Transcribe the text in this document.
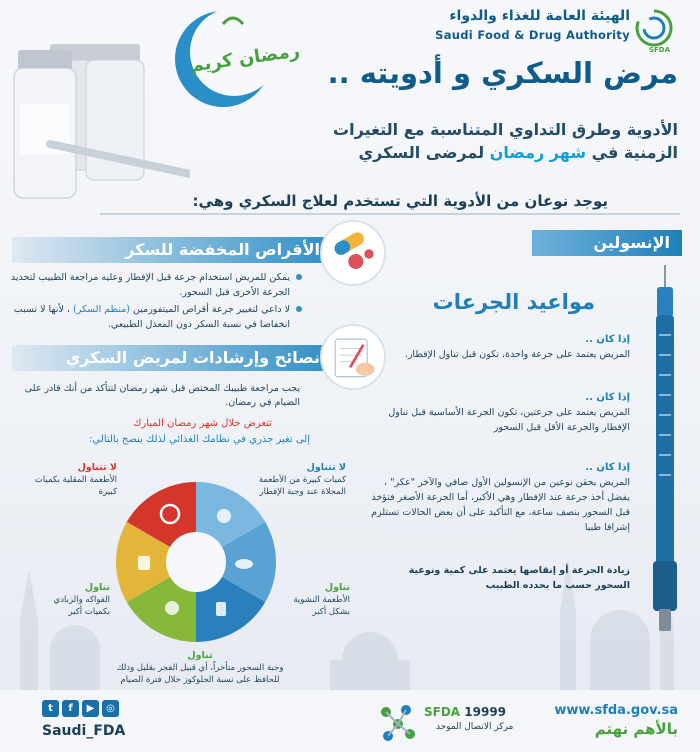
رمضان كريم
الهيئة العامة للغذاء والدواء
Saudi Food & Drug Authority
SFDA
مرض السكري و أدويته ..
الأدوية وطرق التداوي المتناسبة مع التغيرات
الزمنية في شهر رمضان لمرضى السكري
يوجد نوعان من الأدوية التي تستخدم لعلاج السكري وهي:
الأقراص المخفضة للسكر
يمكن للمريض استخدام جرعة قبل الإفطار وعليه مراجعة الطبيب لتحديد الجرعة الأخرى قبل السحور.
لا داعي لتغيير جرعة أقراص الميتفورمين (منظم السكر) ، لأنها لا تسبب انخفاضا في نسبة السكر دون المعدل الطبيعي.
نصائح وإرشادات لمريض السكري
يجب مراجعة طبيبك المختص قبل شهر رمضان لتتأكد من أنك قادر على الصيام في رمضان.
تتعرض خلال شهر رمضان المبارك
إلى تغير جذري في نظامك الغذائي لذلك ينصح بالتالي:
لا تتناول
الأطعمة المقلية بكميات كبيرة
لا تتناول
كميات كبيرة من الأطعمة المحلاة عند وجبة الإفطار
تناول
الفواكه والزبادي بكميات أكبر
تناول
الأطعمة النشوية بشكل أكبر
تناول
وجبة السحور متأخراً، أي قبيل الفجر بقليل وذلك للحافظ على نسبة الجلوكوز خلال فترة الصيام
الإنسولين
مواعيد الجرعات
إذا كان ..
المريض يعتمد على جرعة واحدة، تكون قبل تناول الإفطار.
إذا كان ..
المريض يعتمد على جرعتين، تكون الجرعة الأساسية قبل تناول الإفطار والجرعة الأقل قبل السحور
إذا كان ..
المريض يحقن نوعين من الإنسولين الأول صافي والآخر "عكر" ، يفضل أخذ جرعة عند الإفطار وهي الأكبر، أما الجرعة الأصغر فتؤخذ قبل السحور بنصف ساعة، مع التأكيد على أن بعض الحالات تستلزم إشرافا طبيا
زيادة الجرعة أو إنقاصها يعتمد على كمية ونوعية السحور حسب ما يحدده الطبيب
t	f	▶	◎
Saudi_FDA
SFDA 19999
مركز الاتصال الموحد
www.sfda.gov.sa
بالأهم نهتم
